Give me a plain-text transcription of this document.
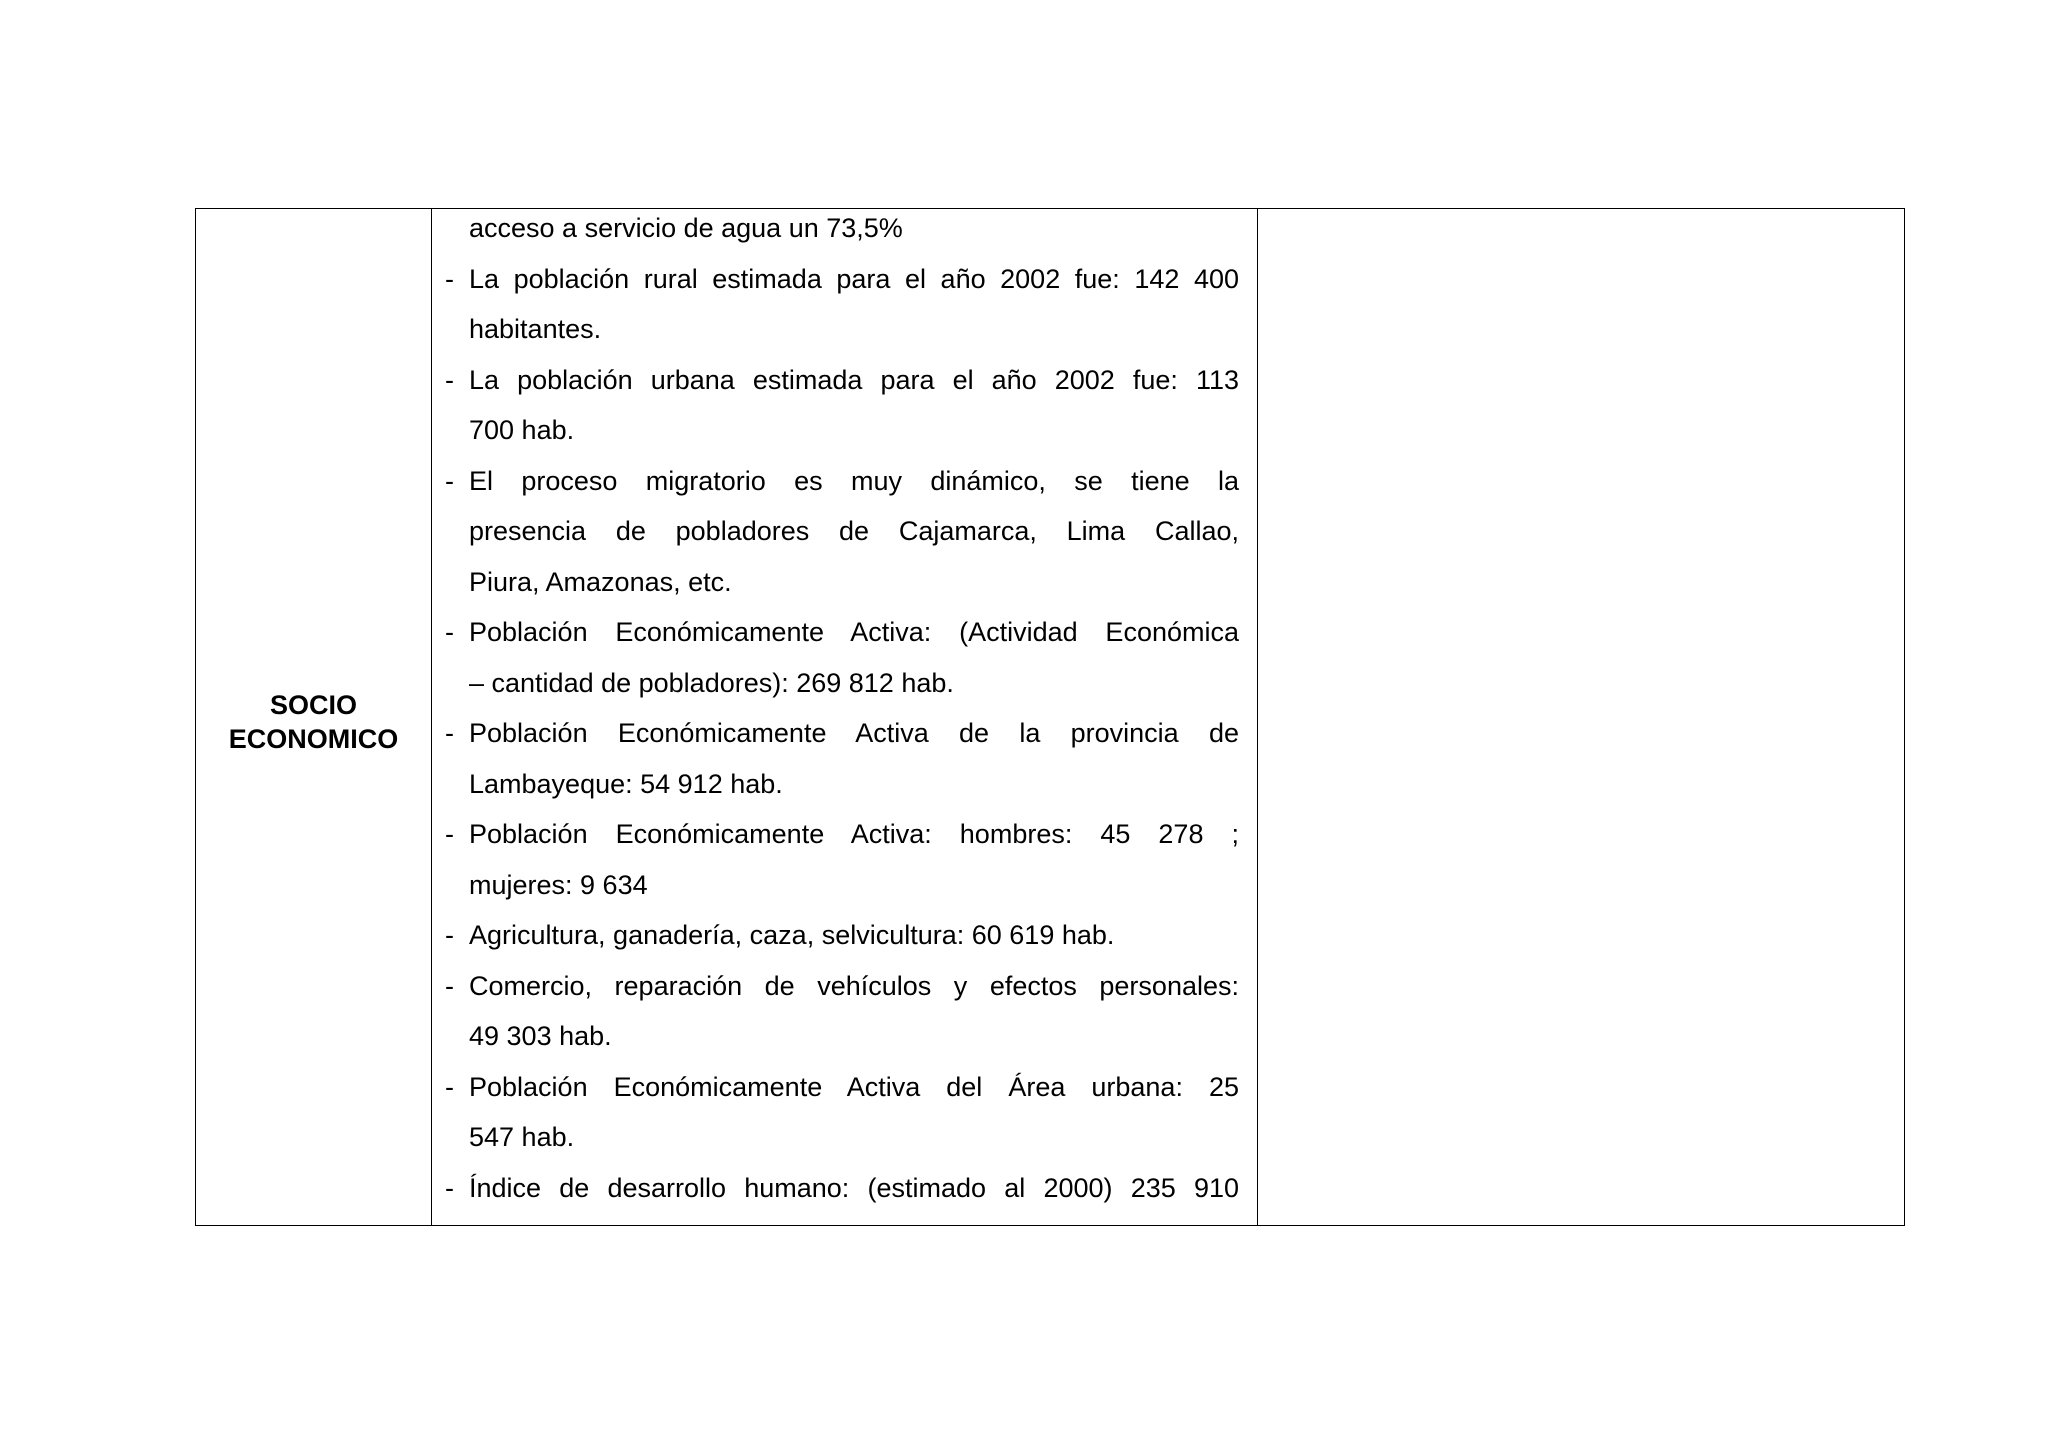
SOCIO
ECONOMICO
acceso a servicio de agua un 73,5%
- La población rural estimada para el año 2002 fue: 142 400
habitantes.
- La población urbana estimada para el año 2002 fue: 113
700 hab.
- El proceso migratorio es muy dinámico, se tiene la
presencia de pobladores de Cajamarca, Lima Callao,
Piura, Amazonas, etc.
- Población Económicamente Activa: (Actividad Económica
– cantidad de pobladores): 269 812 hab.
- Población Económicamente Activa de la provincia de
Lambayeque: 54 912 hab.
- Población Económicamente Activa: hombres: 45 278 ;
mujeres: 9 634
- Agricultura, ganadería, caza, selvicultura: 60 619 hab.
- Comercio, reparación de vehículos y efectos personales:
49 303 hab.
- Población Económicamente Activa del Área urbana: 25
547 hab.
- Índice de desarrollo humano: (estimado al 2000) 235 910
